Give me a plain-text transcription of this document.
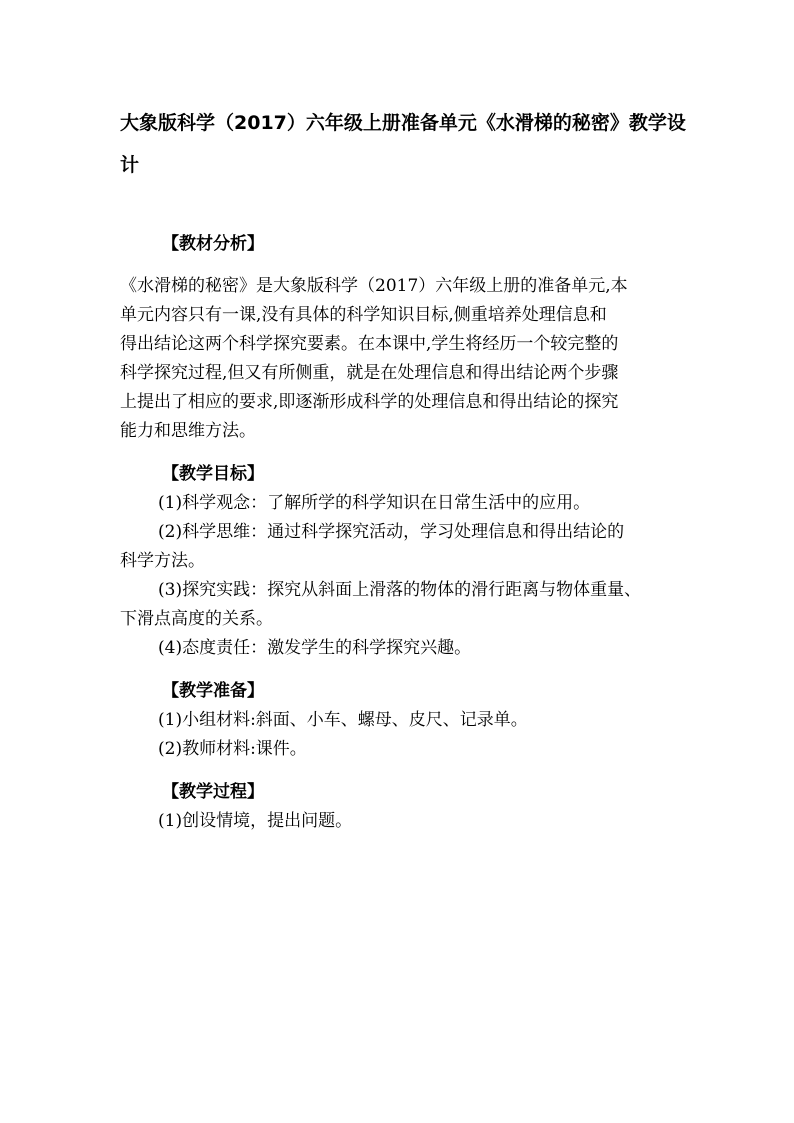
大象版科学（2017）六年级上册准备单元《水滑梯的秘密》教学设计

【教材分析】

《水滑梯的秘密》是大象版科学（2017）六年级上册的准备单元,本

单元内容只有一课,没有具体的科学知识目标,侧重培养处理信息和

得出结论这两个科学探究要素。在本课中,学生将经历一个较完整的

科学探究过程,但又有所侧重，就是在处理信息和得出结论两个步骤

上提出了相应的要求,即逐渐形成科学的处理信息和得出结论的探究

能力和思维方法。

【教学目标】

(1)科学观念：了解所学的科学知识在日常生活中的应用。

(2)科学思维：通过科学探究活动，学习处理信息和得出结论的

科学方法。

(3)探究实践：探究从斜面上滑落的物体的滑行距离与物体重量、

下滑点高度的关系。

(4)态度责任：激发学生的科学探究兴趣。

【教学准备】

(1)小组材料:斜面、小车、螺母、皮尺、记录单。

(2)教师材料:课件。

【教学过程】

(1)创设情境，提出问题。
